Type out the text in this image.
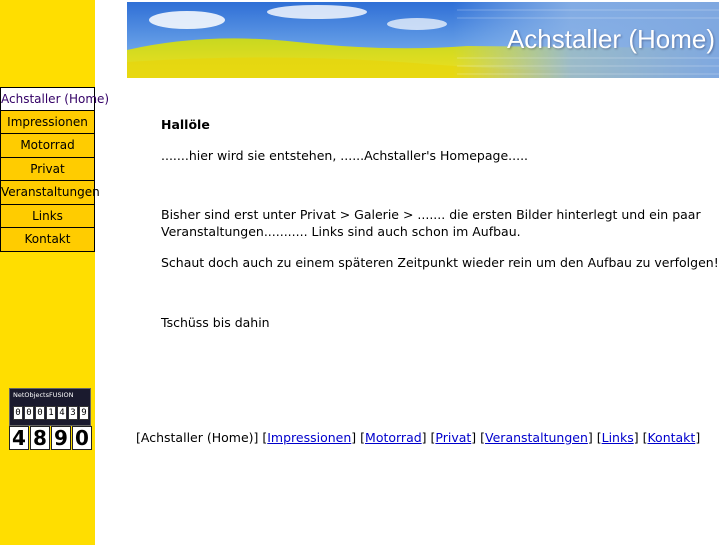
Achstaller (Home)
Impressionen
Motorrad
Privat
Veranstaltungen
Links
Kontakt
Achstaller (Home)

Hallöle

.......hier wird sie entstehen, ......Achstaller's Homepage.....

Bisher sind erst unter Privat > Galerie > ....... die ersten Bilder hinterlegt und ein paar Veranstaltungen........... Links sind auch schon im Aufbau.

Schaut doch auch zu einem späteren Zeitpunkt wieder rein um den Aufbau zu verfolgen!

Tschüss bis dahin

NetObjectsFUSION
0 0 0 1 4 3 9
4 8 9 0	[Achstaller (Home)] [Impressionen] [Motorrad] [Privat] [Veranstaltungen] [Links] [Kontakt]
